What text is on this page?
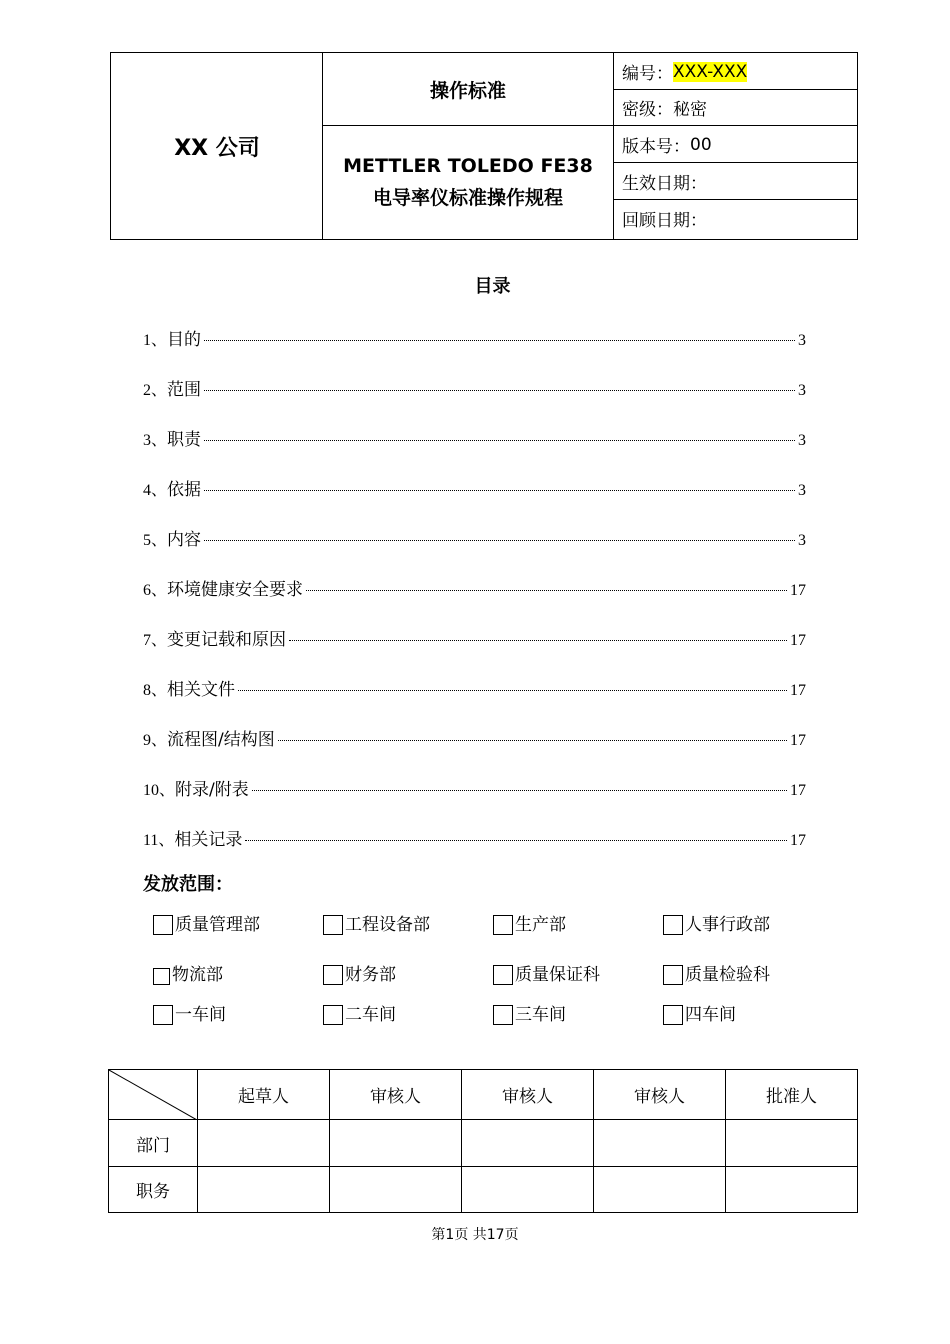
XX 公司
操作标准
METTLER TOLEDO FE38 电导率仪标准操作规程
编号： XXX-XXX
密级： 秘密
版本号： 00
生效日期：
回顾日期：
目录
1、 目的	3
2、 范围	3
3、 职责	3
4、 依据	3
5、 内容	3
6、 环境健康安全要求	17
7、 变更记载和原因	17
8、 相关文件	17
9、 流程图/结构图	17
10、 附录/附表	17
11、 相关记录	17
发放范围：
质量管理部	工程设备部	生产部	人事行政部
物流部	财务部	质量保证科	质量检验科
一车间	二车间	三车间	四车间
	起草人	审核人	审核人	审核人	批准人
部门					
职务					
第1页 共17页
